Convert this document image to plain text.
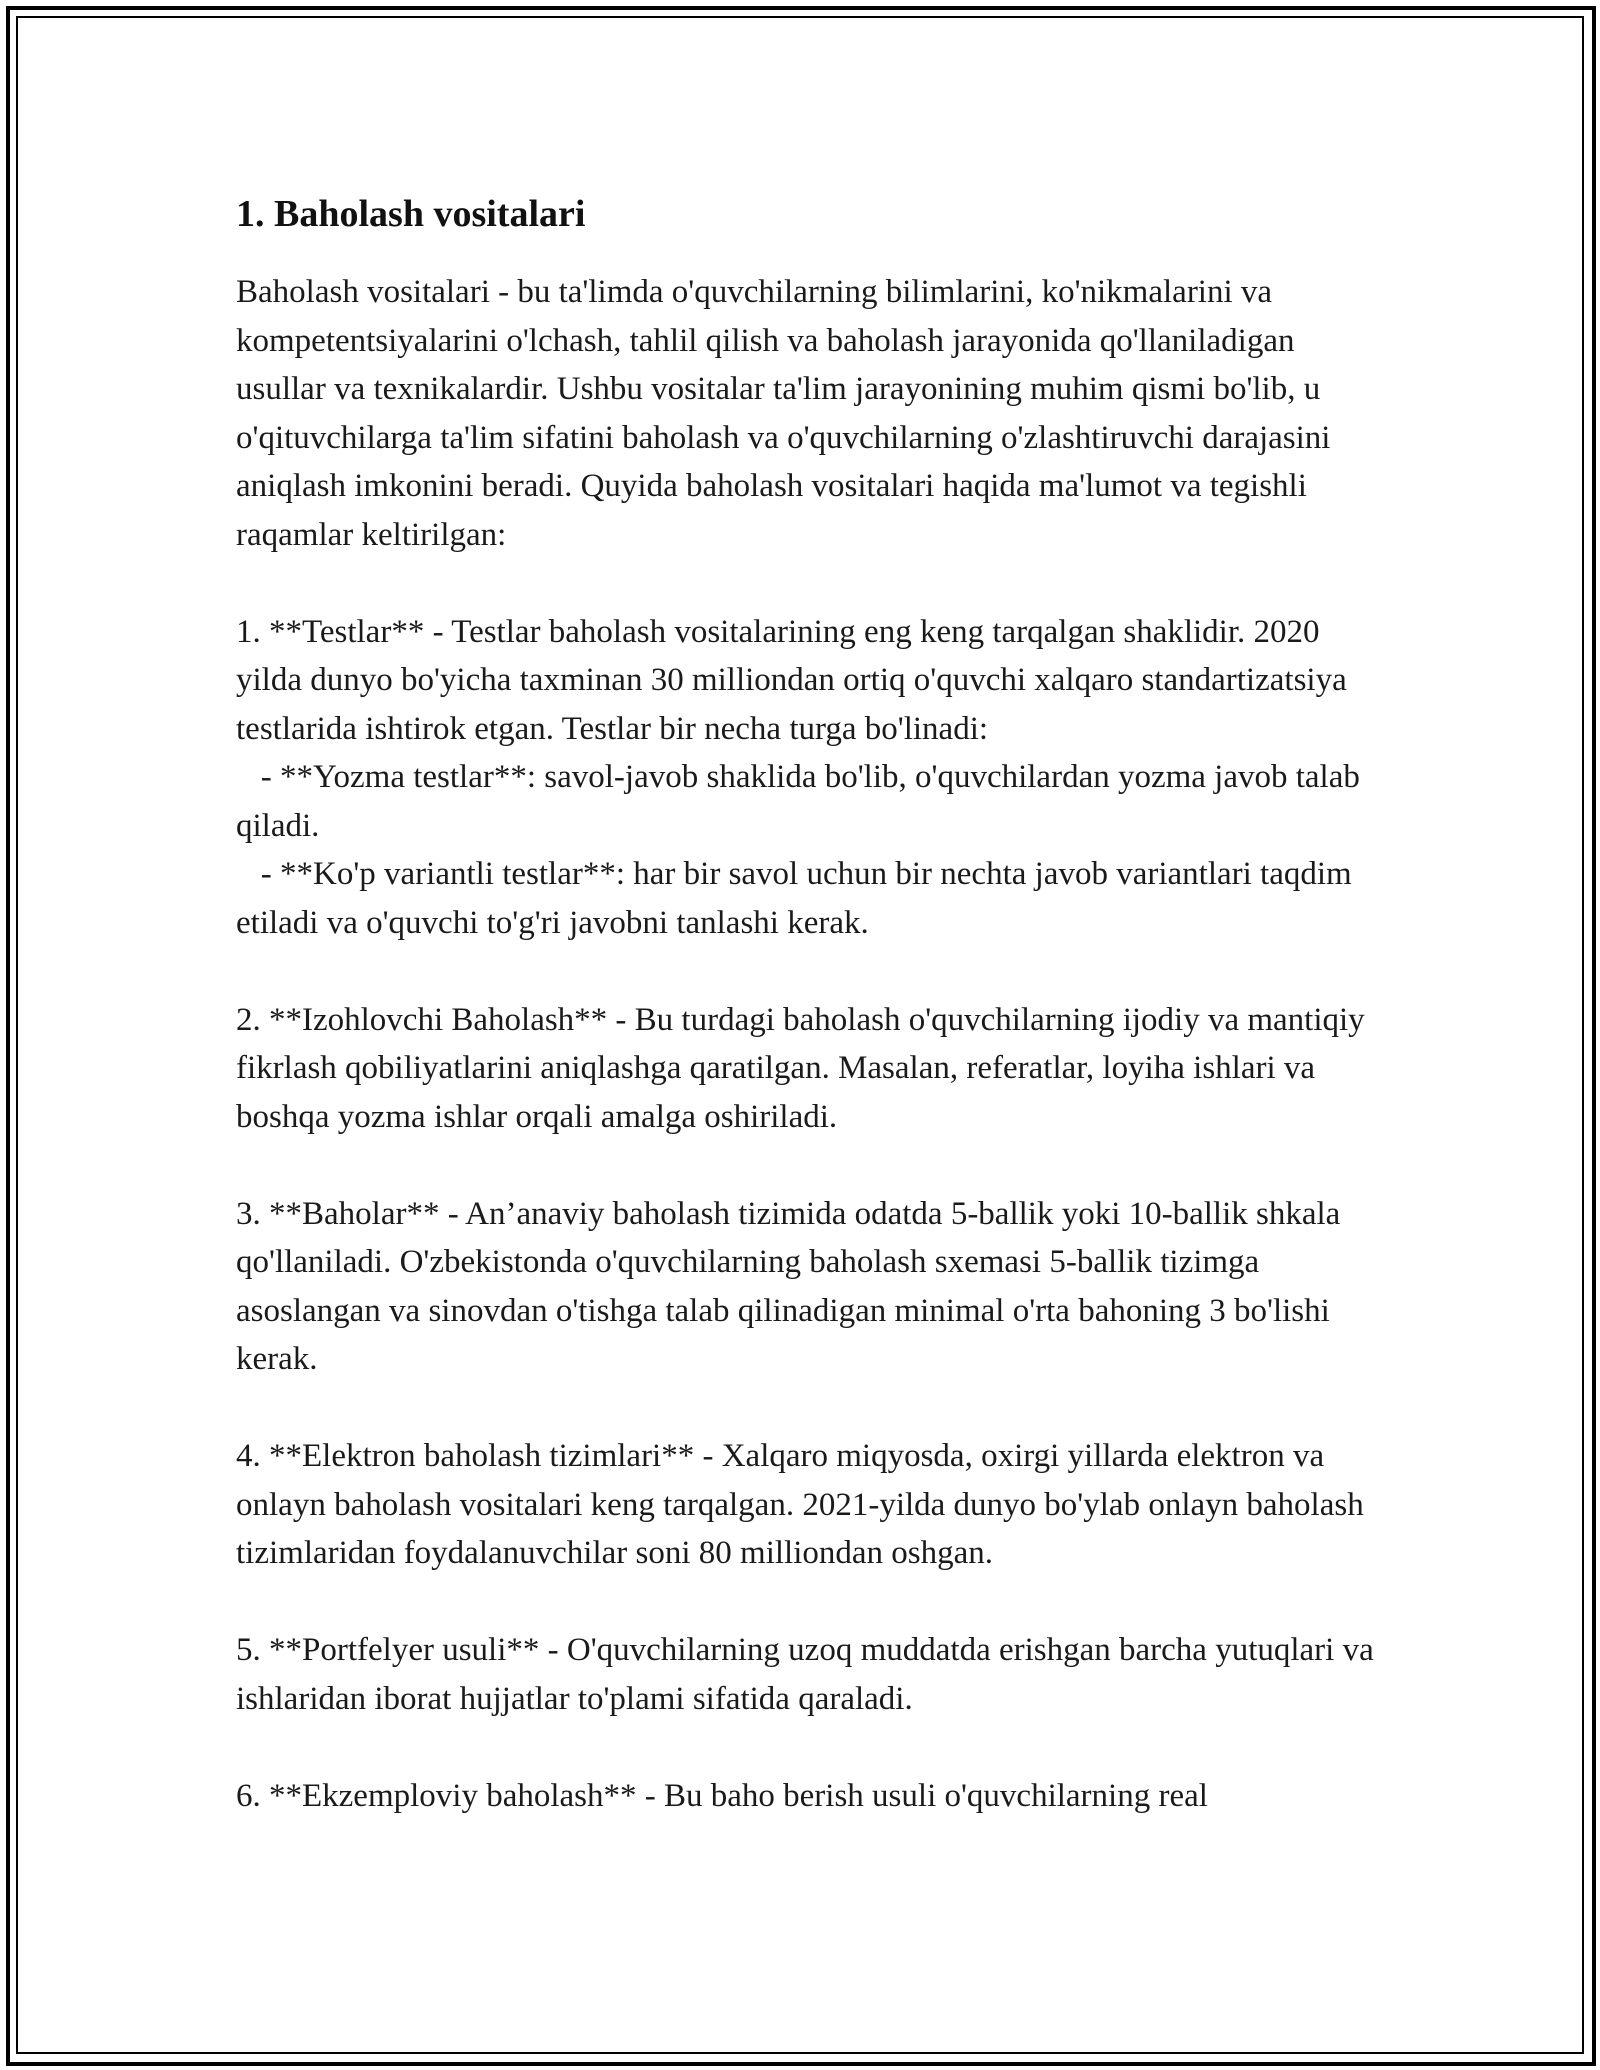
1. Baholash vositalari

Baholash vositalari - bu ta'limda o'quvchilarning bilimlarini, ko'nikmalarini va kompetentsiyalarini o'lchash, tahlil qilish va baholash jarayonida qo'llaniladigan usullar va texnikalardir. Ushbu vositalar ta'lim jarayonining muhim qismi bo'lib, u o'qituvchilarga ta'lim sifatini baholash va o'quvchilarning o'zlashtiruvchi darajasini aniqlash imkonini beradi. Quyida baholash vositalari haqida ma'lumot va tegishli raqamlar keltirilgan:

1. **Testlar** - Testlar baholash vositalarining eng keng tarqalgan shaklidir. 2020 yilda dunyo bo'yicha taxminan 30 milliondan ortiq o'quvchi xalqaro standartizatsiya testlarida ishtirok etgan. Testlar bir necha turga bo'linadi:

- **Yozma testlar**: savol-javob shaklida bo'lib, o'quvchilardan yozma javob talab qiladi.

- **Ko'p variantli testlar**: har bir savol uchun bir nechta javob variantlari taqdim etiladi va o'quvchi to'g'ri javobni tanlashi kerak.

2. **Izohlovchi Baholash** - Bu turdagi baholash o'quvchilarning ijodiy va mantiqiy fikrlash qobiliyatlarini aniqlashga qaratilgan. Masalan, referatlar, loyiha ishlari va boshqa yozma ishlar orqali amalga oshiriladi.

3. **Baholar** - An’anaviy baholash tizimida odatda 5-ballik yoki 10-ballik shkala qo'llaniladi. O'zbekistonda o'quvchilarning baholash sxemasi 5-ballik tizimga asoslangan va sinovdan o'tishga talab qilinadigan minimal o'rta bahoning 3 bo'lishi kerak.

4. **Elektron baholash tizimlari** - Xalqaro miqyosda, oxirgi yillarda elektron va onlayn baholash vositalari keng tarqalgan. 2021-yilda dunyo bo'ylab onlayn baholash tizimlaridan foydalanuvchilar soni 80 milliondan oshgan.

5. **Portfelyer usuli** - O'quvchilarning uzoq muddatda erishgan barcha yutuqlari va ishlaridan iborat hujjatlar to'plami sifatida qaraladi.

6. **Ekzemploviy baholash** - Bu baho berish usuli o'quvchilarning real
